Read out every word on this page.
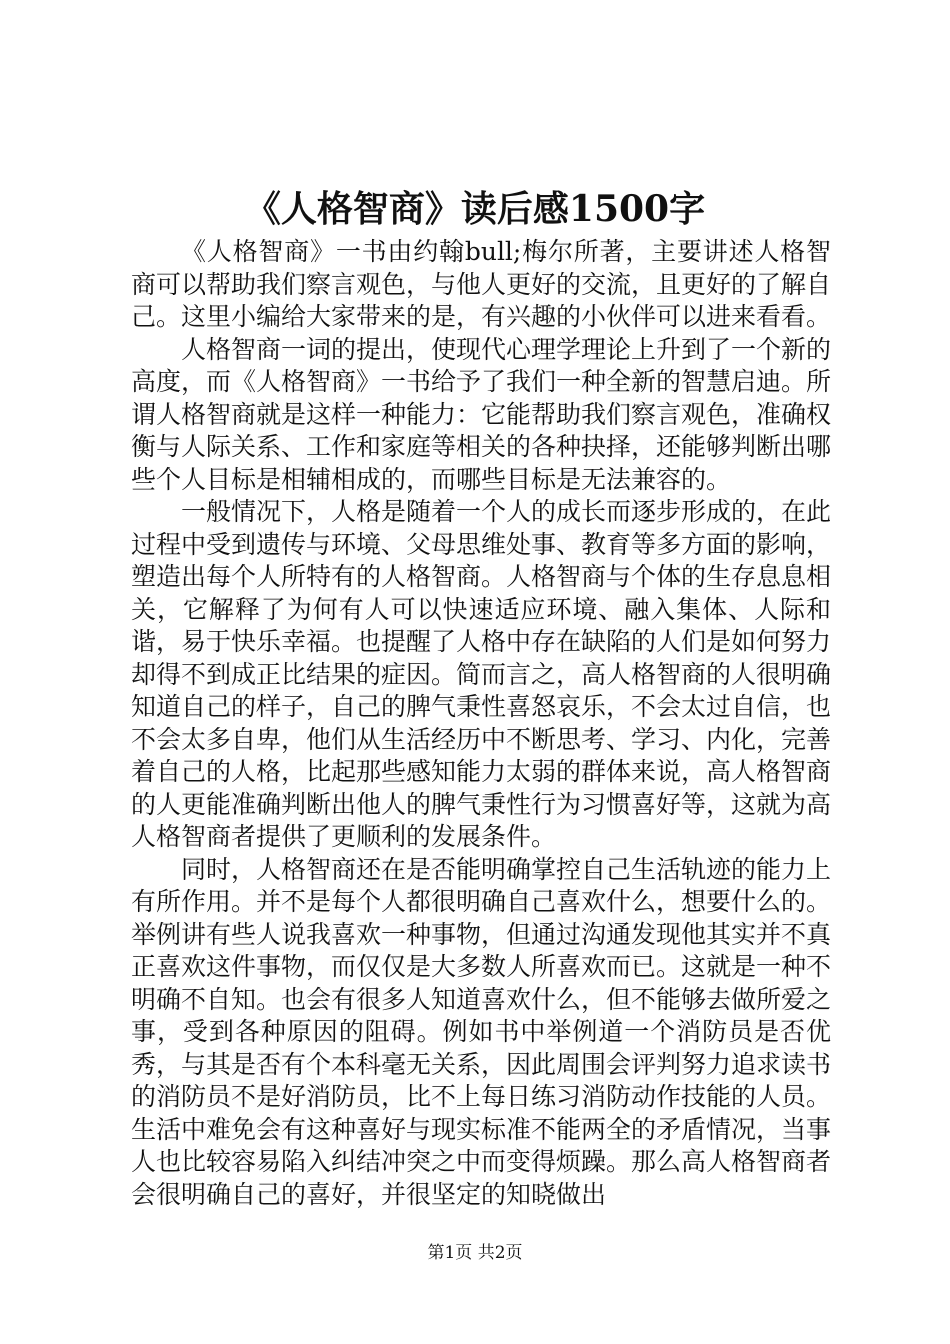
《人格智商》读后感1500字

《人格智商》一书由约翰bull;梅尔所著，主要讲述人格智商可以帮助我们察言观色，与他人更好的交流，且更好的了解自己。这里小编给大家带来的是，有兴趣的小伙伴可以进来看看。

人格智商一词的提出，使现代心理学理论上升到了一个新的高度，而《人格智商》一书给予了我们一种全新的智慧启迪。所谓人格智商就是这样一种能力：它能帮助我们察言观色，准确权衡与人际关系、工作和家庭等相关的各种抉择，还能够判断出哪些个人目标是相辅相成的，而哪些目标是无法兼容的。

一般情况下，人格是随着一个人的成长而逐步形成的，在此过程中受到遗传与环境、父母思维处事、教育等多方面的影响，塑造出每个人所特有的人格智商。人格智商与个体的生存息息相关，它解释了为何有人可以快速适应环境、融入集体、人际和谐，易于快乐幸福。也提醒了人格中存在缺陷的人们是如何努力却得不到成正比结果的症因。简而言之，高人格智商的人很明确知道自己的样子，自己的脾气秉性喜怒哀乐，不会太过自信，也不会太多自卑，他们从生活经历中不断思考、学习、内化，完善着自己的人格，比起那些感知能力太弱的群体来说，高人格智商的人更能准确判断出他人的脾气秉性行为习惯喜好等，这就为高人格智商者提供了更顺利的发展条件。

同时，人格智商还在是否能明确掌控自己生活轨迹的能力上有所作用。并不是每个人都很明确自己喜欢什么，想要什么的。举例讲有些人说我喜欢一种事物，但通过沟通发现他其实并不真正喜欢这件事物，而仅仅是大多数人所喜欢而已。这就是一种不明确不自知。也会有很多人知道喜欢什么，但不能够去做所爱之事，受到各种原因的阻碍。例如书中举例道一个消防员是否优秀，与其是否有个本科毫无关系，因此周围会评判努力追求读书的消防员不是好消防员，比不上每日练习消防动作技能的人员。生活中难免会有这种喜好与现实标准不能两全的矛盾情况，当事人也比较容易陷入纠结冲突之中而变得烦躁。那么高人格智商者会很明确自己的喜好，并很坚定的知晓做出

第1页 共2页
